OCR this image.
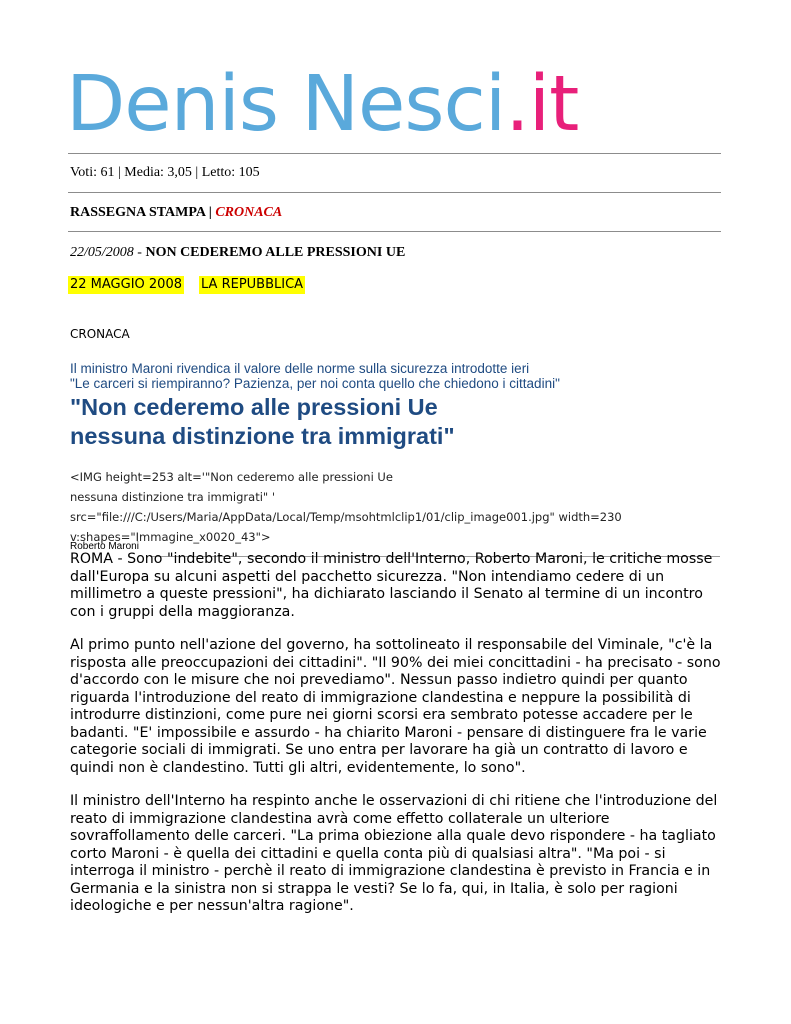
Denis Nesci.it
Voti: 61 | Media: 3,05 | Letto: 105
RASSEGNA STAMPA | CRONACA
22/05/2008 - NON CEDEREMO ALLE PRESSIONI UE
22 MAGGIO 2008 LA REPUBBLICA
CRONACA
Il ministro Maroni rivendica il valore delle norme sulla sicurezza introdotte ieri
"Le carceri si riempiranno? Pazienza, per noi conta quello che chiedono i cittadini"
"Non cederemo alle pressioni Ue
nessuna distinzione tra immigrati"
<IMG height=253 alt='"Non cederemo alle pressioni Ue
nessuna distinzione tra immigrati" '
src="file:///C:/Users/Maria/AppData/Local/Temp/msohtmlclip1/01/clip_image001.jpg" width=230
v:shapes="Immagine_x0020_43">
Roberto Maroni

ROMA - Sono "indebite", secondo il ministro dell'Interno, Roberto Maroni, le critiche mosse dall'Europa su alcuni aspetti del pacchetto sicurezza. "Non intendiamo cedere di un millimetro a queste pressioni", ha dichiarato lasciando il Senato al termine di un incontro con i gruppi della maggioranza.

Al primo punto nell'azione del governo, ha sottolineato il responsabile del Viminale, "c'è la risposta alle preoccupazioni dei cittadini". "Il 90% dei miei concittadini - ha precisato - sono d'accordo con le misure che noi prevediamo". Nessun passo indietro quindi per quanto riguarda l'introduzione del reato di immigrazione clandestina e neppure la possibilità di introdurre distinzioni, come pure nei giorni scorsi era sembrato potesse accadere per le badanti. "E' impossibile e assurdo - ha chiarito Maroni - pensare di distinguere fra le varie categorie sociali di immigrati. Se uno entra per lavorare ha già un contratto di lavoro e quindi non è clandestino. Tutti gli altri, evidentemente, lo sono".

Il ministro dell'Interno ha respinto anche le osservazioni di chi ritiene che l'introduzione del reato di immigrazione clandestina avrà come effetto collaterale un ulteriore sovraffollamento delle carceri. "La prima obiezione alla quale devo rispondere - ha tagliato corto Maroni - è quella dei cittadini e quella conta più di qualsiasi altra". "Ma poi - si interroga il ministro - perchè il reato di immigrazione clandestina è previsto in Francia e in Germania e la sinistra non si strappa le vesti? Se lo fa, qui, in Italia, è solo per ragioni ideologiche e per nessun'altra ragione".
